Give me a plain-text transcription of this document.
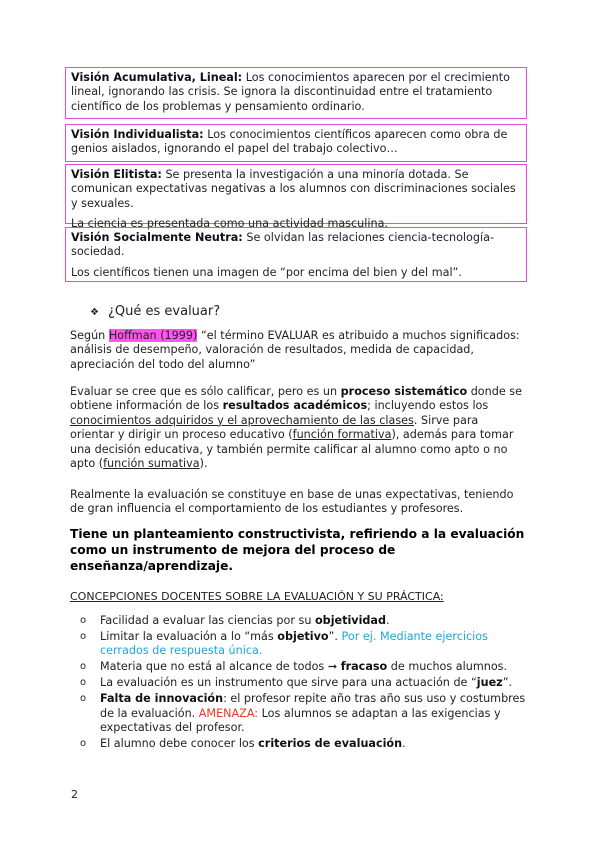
Visión Acumulativa, Lineal: Los conocimientos aparecen por el crecimiento lineal, ignorando las crisis. Se ignora la discontinuidad entre el tratamiento científico de los problemas y pensamiento ordinario.

Visión Individualista: Los conocimientos científicos aparecen como obra de genios aislados, ignorando el papel del trabajo colectivo…

Visión Elitista: Se presenta la investigación a una minoría dotada. Se comunican expectativas negativas a los alumnos con discriminaciones sociales y sexuales.

La ciencia es presentada como una actividad masculina.

Visión Socialmente Neutra: Se olvidan las relaciones ciencia-tecnología-sociedad.

Los científicos tienen una imagen de “por encima del bien y del mal”.

❖ ¿Qué es evaluar?

Según Hoffman (1999) “el término EVALUAR es atribuido a muchos significados: análisis de desempeño, valoración de resultados, medida de capacidad, apreciación del todo del alumno”

Evaluar se cree que es sólo calificar, pero es un proceso sistemático donde se obtiene información de los resultados académicos; incluyendo estos los conocimientos adquiridos y el aprovechamiento de las clases. Sirve para orientar y dirigir un proceso educativo (función formativa), además para tomar una decisión educativa, y también permite calificar al alumno como apto o no apto (función sumativa).

Realmente la evaluación se constituye en base de unas expectativas, teniendo de gran influencia el comportamiento de los estudiantes y profesores.

Tiene un planteamiento constructivista, refiriendo a la evaluación como un instrumento de mejora del proceso de enseñanza/aprendizaje.

CONCEPCIONES DOCENTES SOBRE LA EVALUACIÓN Y SU PRÁCTICA:
o Facilidad a evaluar las ciencias por su objetividad.
o Limitar la evaluación a lo “más objetivo”. Por ej. Mediante ejercicios cerrados de respuesta única.
o Materia que no está al alcance de todos ➞ fracaso de muchos alumnos.
o La evaluación es un instrumento que sirve para una actuación de “juez”.
o Falta de innovación: el profesor repite año tras año sus uso y costumbres de la evaluación. AMENAZA: Los alumnos se adaptan a las exigencias y expectativas del profesor.
o El alumno debe conocer los criterios de evaluación.
2
